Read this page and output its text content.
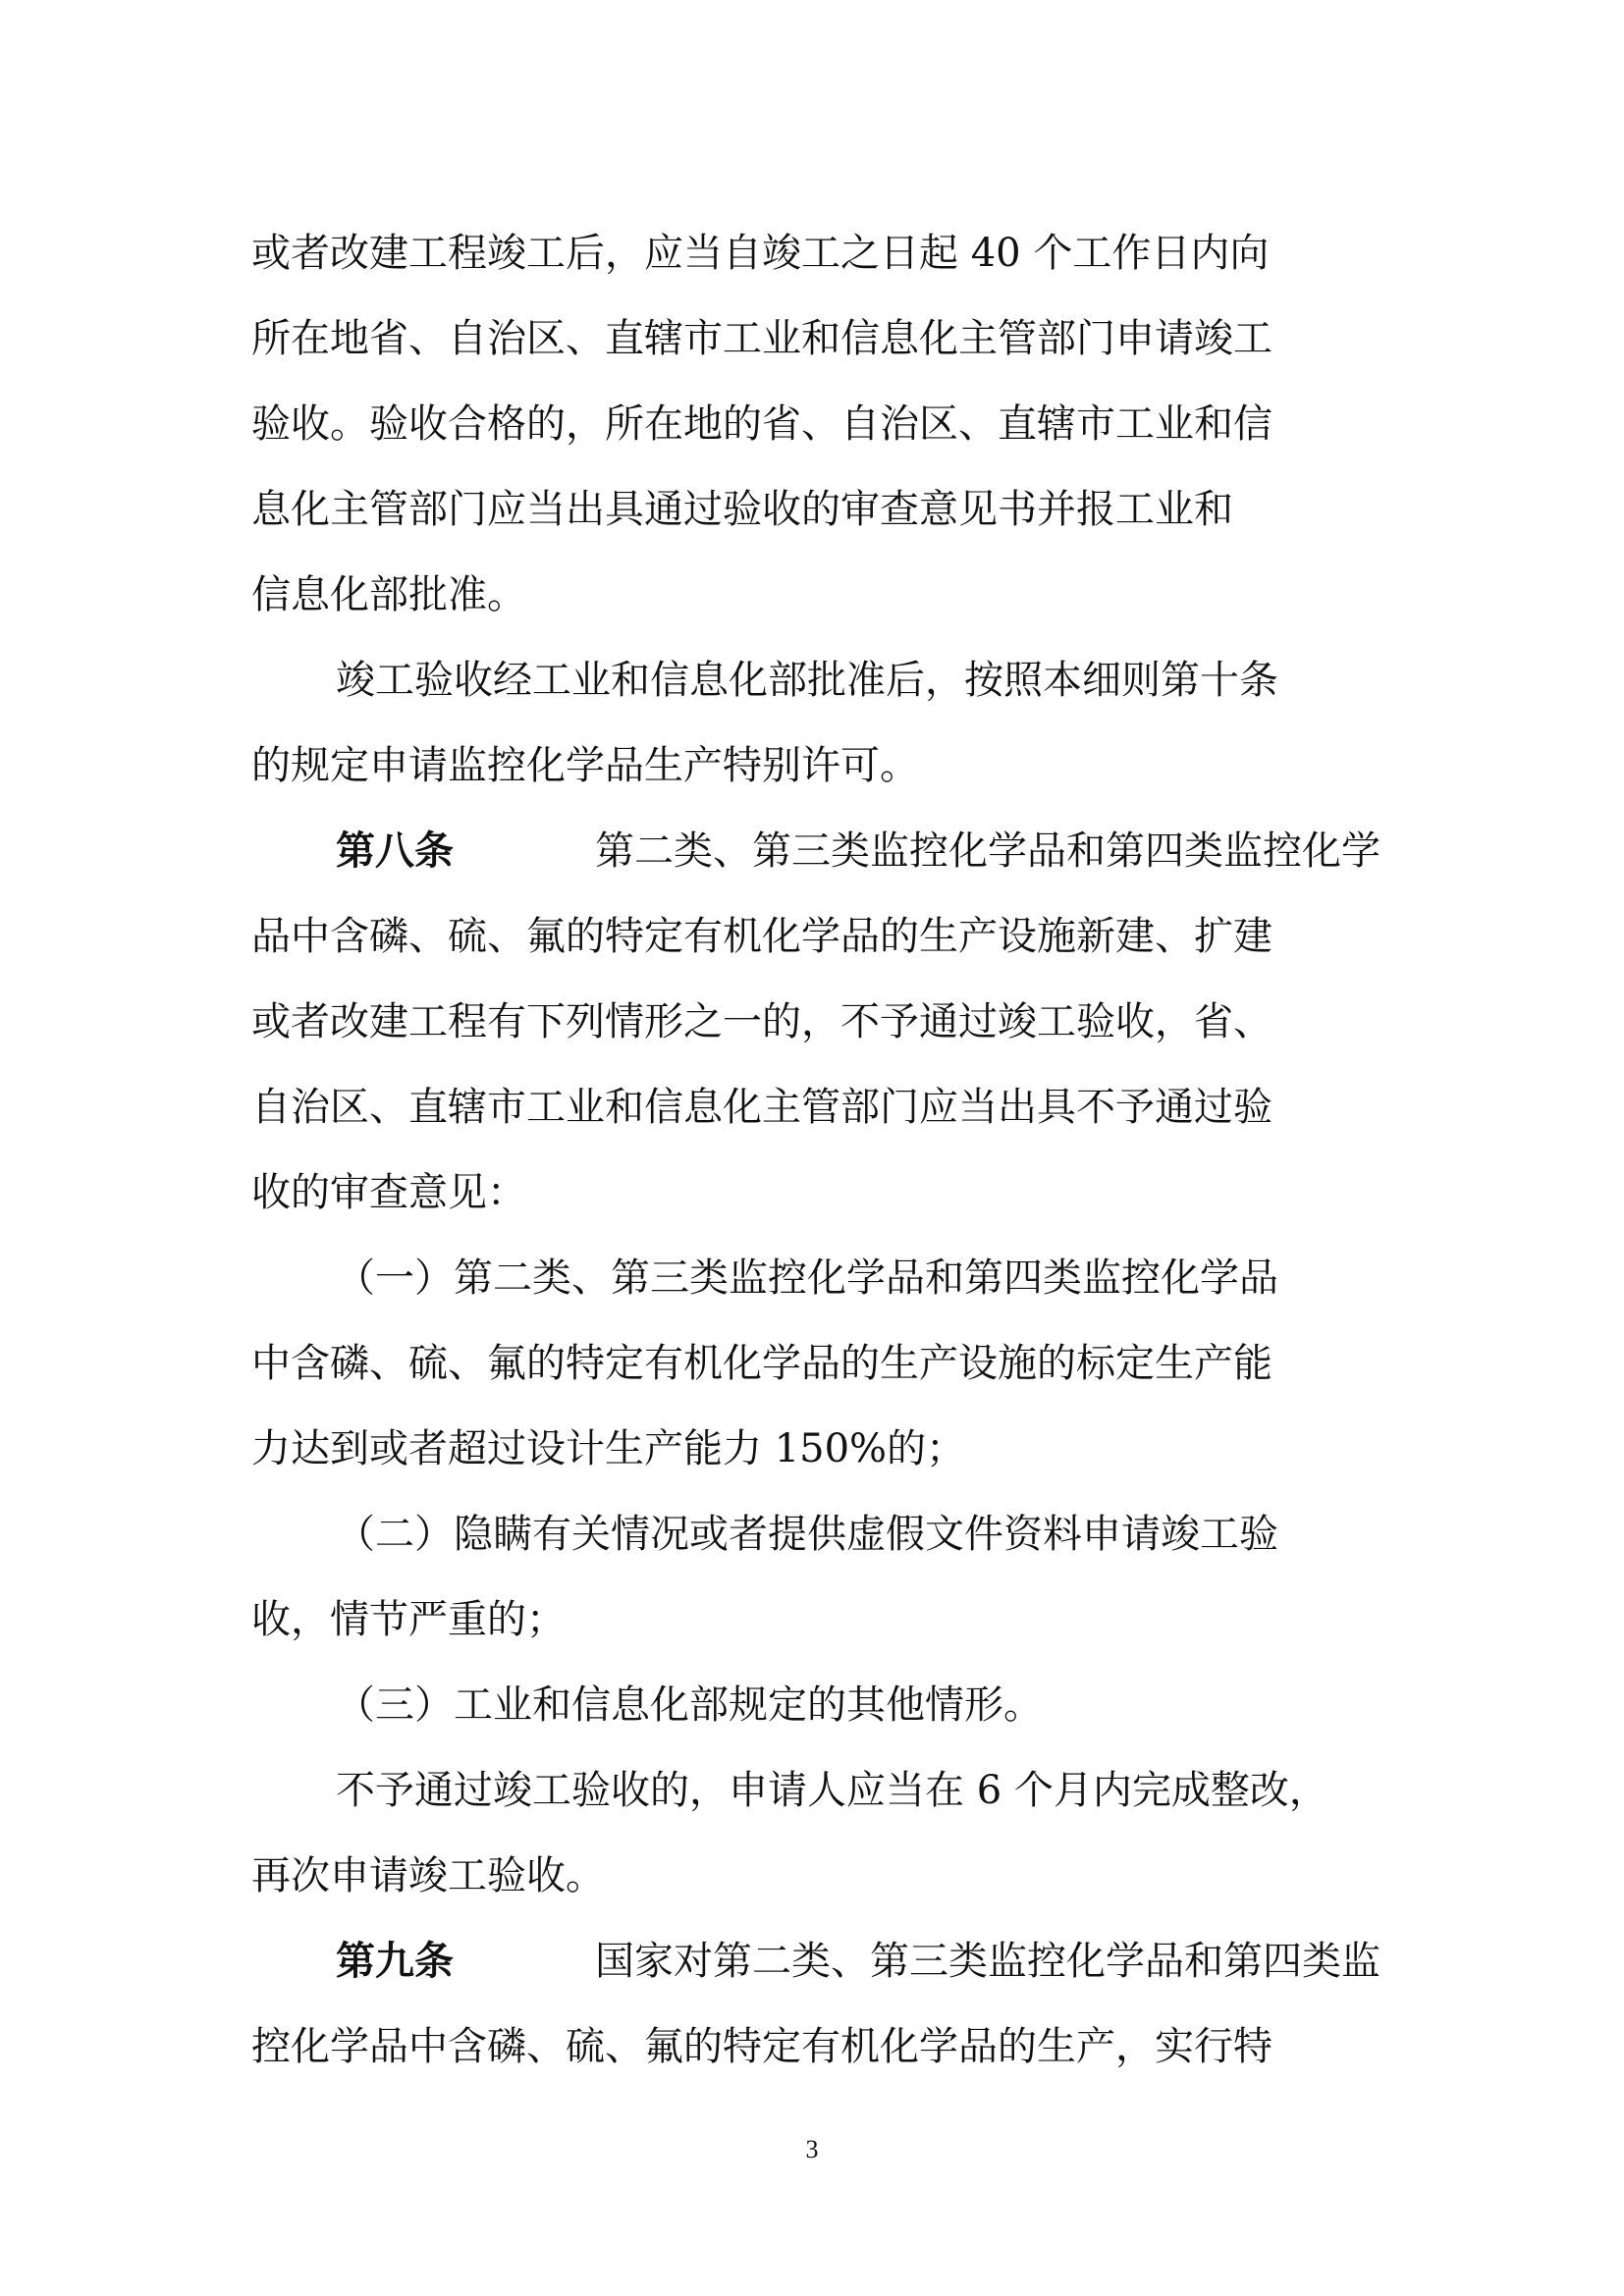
或者改建工程竣工后，应当自竣工之日起 40 个工作日内向
所在地省、自治区、直辖市工业和信息化主管部门申请竣工
验收。验收合格的，所在地的省、自治区、直辖市工业和信
息化主管部门应当出具通过验收的审查意见书并报工业和
信息化部批准。
竣工验收经工业和信息化部批准后，按照本细则第十条
的规定申请监控化学品生产特别许可。
第八条	第二类、第三类监控化学品和第四类监控化学
品中含磷、硫、氟的特定有机化学品的生产设施新建、扩建
或者改建工程有下列情形之一的，不予通过竣工验收，省、
自治区、直辖市工业和信息化主管部门应当出具不予通过验
收的审查意见：
（一）第二类、第三类监控化学品和第四类监控化学品
中含磷、硫、氟的特定有机化学品的生产设施的标定生产能
力达到或者超过设计生产能力 150%的；
（二）隐瞒有关情况或者提供虚假文件资料申请竣工验
收，情节严重的；
（三）工业和信息化部规定的其他情形。
不予通过竣工验收的，申请人应当在 6 个月内完成整改，
再次申请竣工验收。
第九条	国家对第二类、第三类监控化学品和第四类监
控化学品中含磷、硫、氟的特定有机化学品的生产，实行特
3
